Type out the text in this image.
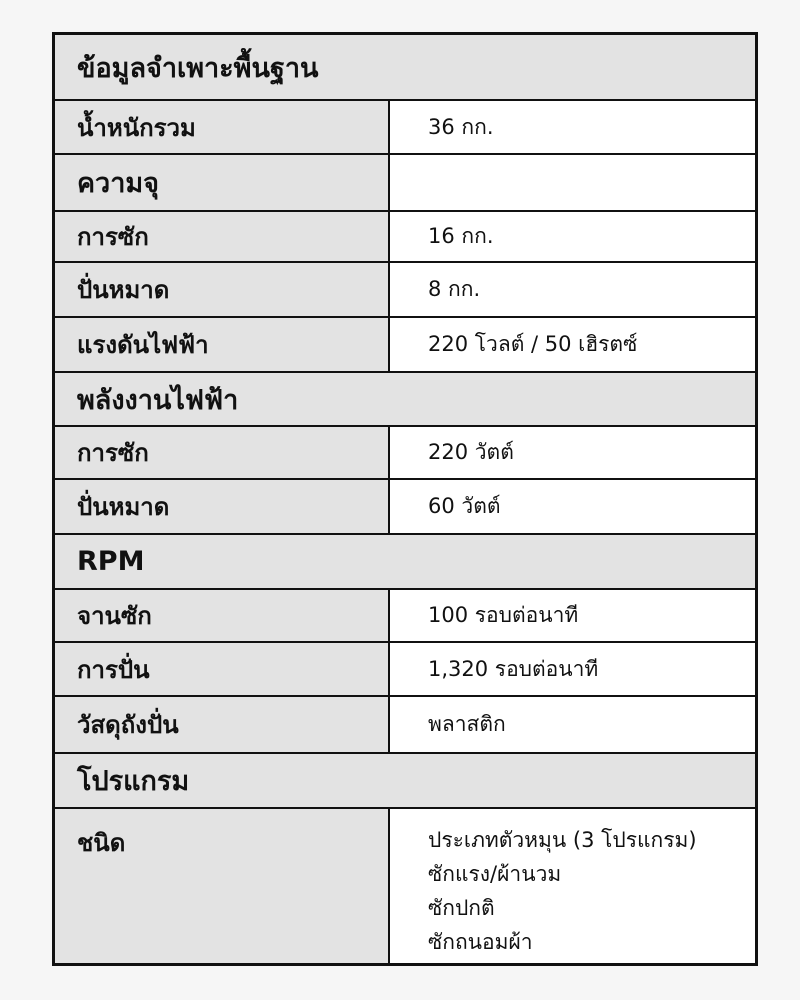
ข้อมูลจำเพาะพื้นฐาน
น้ำหนักรวม	36 กก.
ความจุ
การซัก	16 กก.
ปั่นหมาด	8 กก.
แรงดันไฟฟ้า	220 โวลต์ / 50 เฮิรตซ์
พลังงานไฟฟ้า
การซัก	220 วัตต์
ปั่นหมาด	60 วัตต์
RPM
จานซัก	100 รอบต่อนาที
การปั่น	1,320 รอบต่อนาที
วัสดุถังปั่น	พลาสติก
โปรแกรม
ชนิด	ประเภทตัวหมุน (3 โปรแกรม)
ซักแรง/ผ้านวม
ซักปกติ
ซักถนอมผ้า
